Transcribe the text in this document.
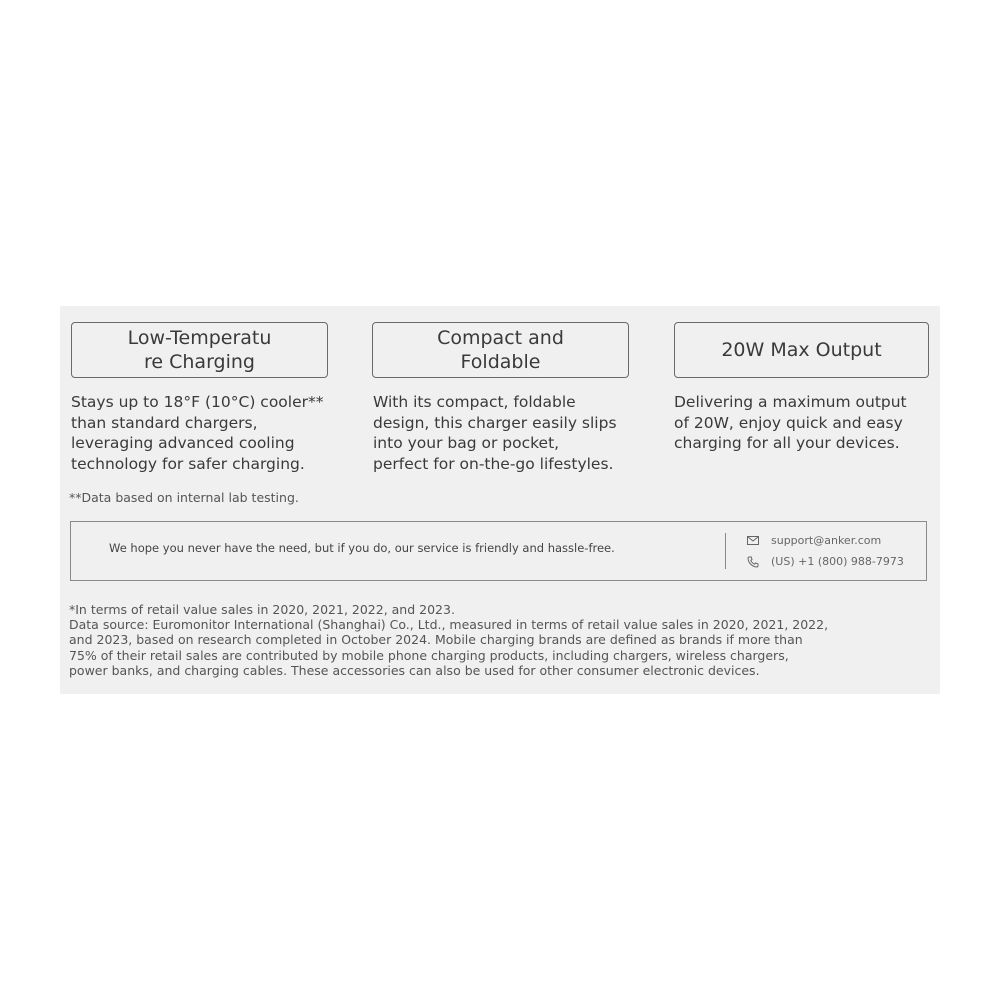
Low-Temperatu
re Charging
Compact and
Foldable
20W Max Output

Stays up to 18°F (10°C) cooler**
than standard chargers,
leveraging advanced cooling
technology for safer charging.

With its compact, foldable
design, this charger easily slips
into your bag or pocket,
perfect for on-the-go lifestyles.

Delivering a maximum output
of 20W, enjoy quick and easy
charging for all your devices.

**Data based on internal lab testing.
We hope you never have the need, but if you do, our service is friendly and hassle-free.
support@anker.com
(US) +1 (800) 988-7973

*In terms of retail value sales in 2020, 2021, 2022, and 2023.
Data source: Euromonitor International (Shanghai) Co., Ltd., measured in terms of retail value sales in 2020, 2021, 2022,
and 2023, based on research completed in October 2024. Mobile charging brands are defined as brands if more than
75% of their retail sales are contributed by mobile phone charging products, including chargers, wireless chargers,
power banks, and charging cables. These accessories can also be used for other consumer electronic devices.
